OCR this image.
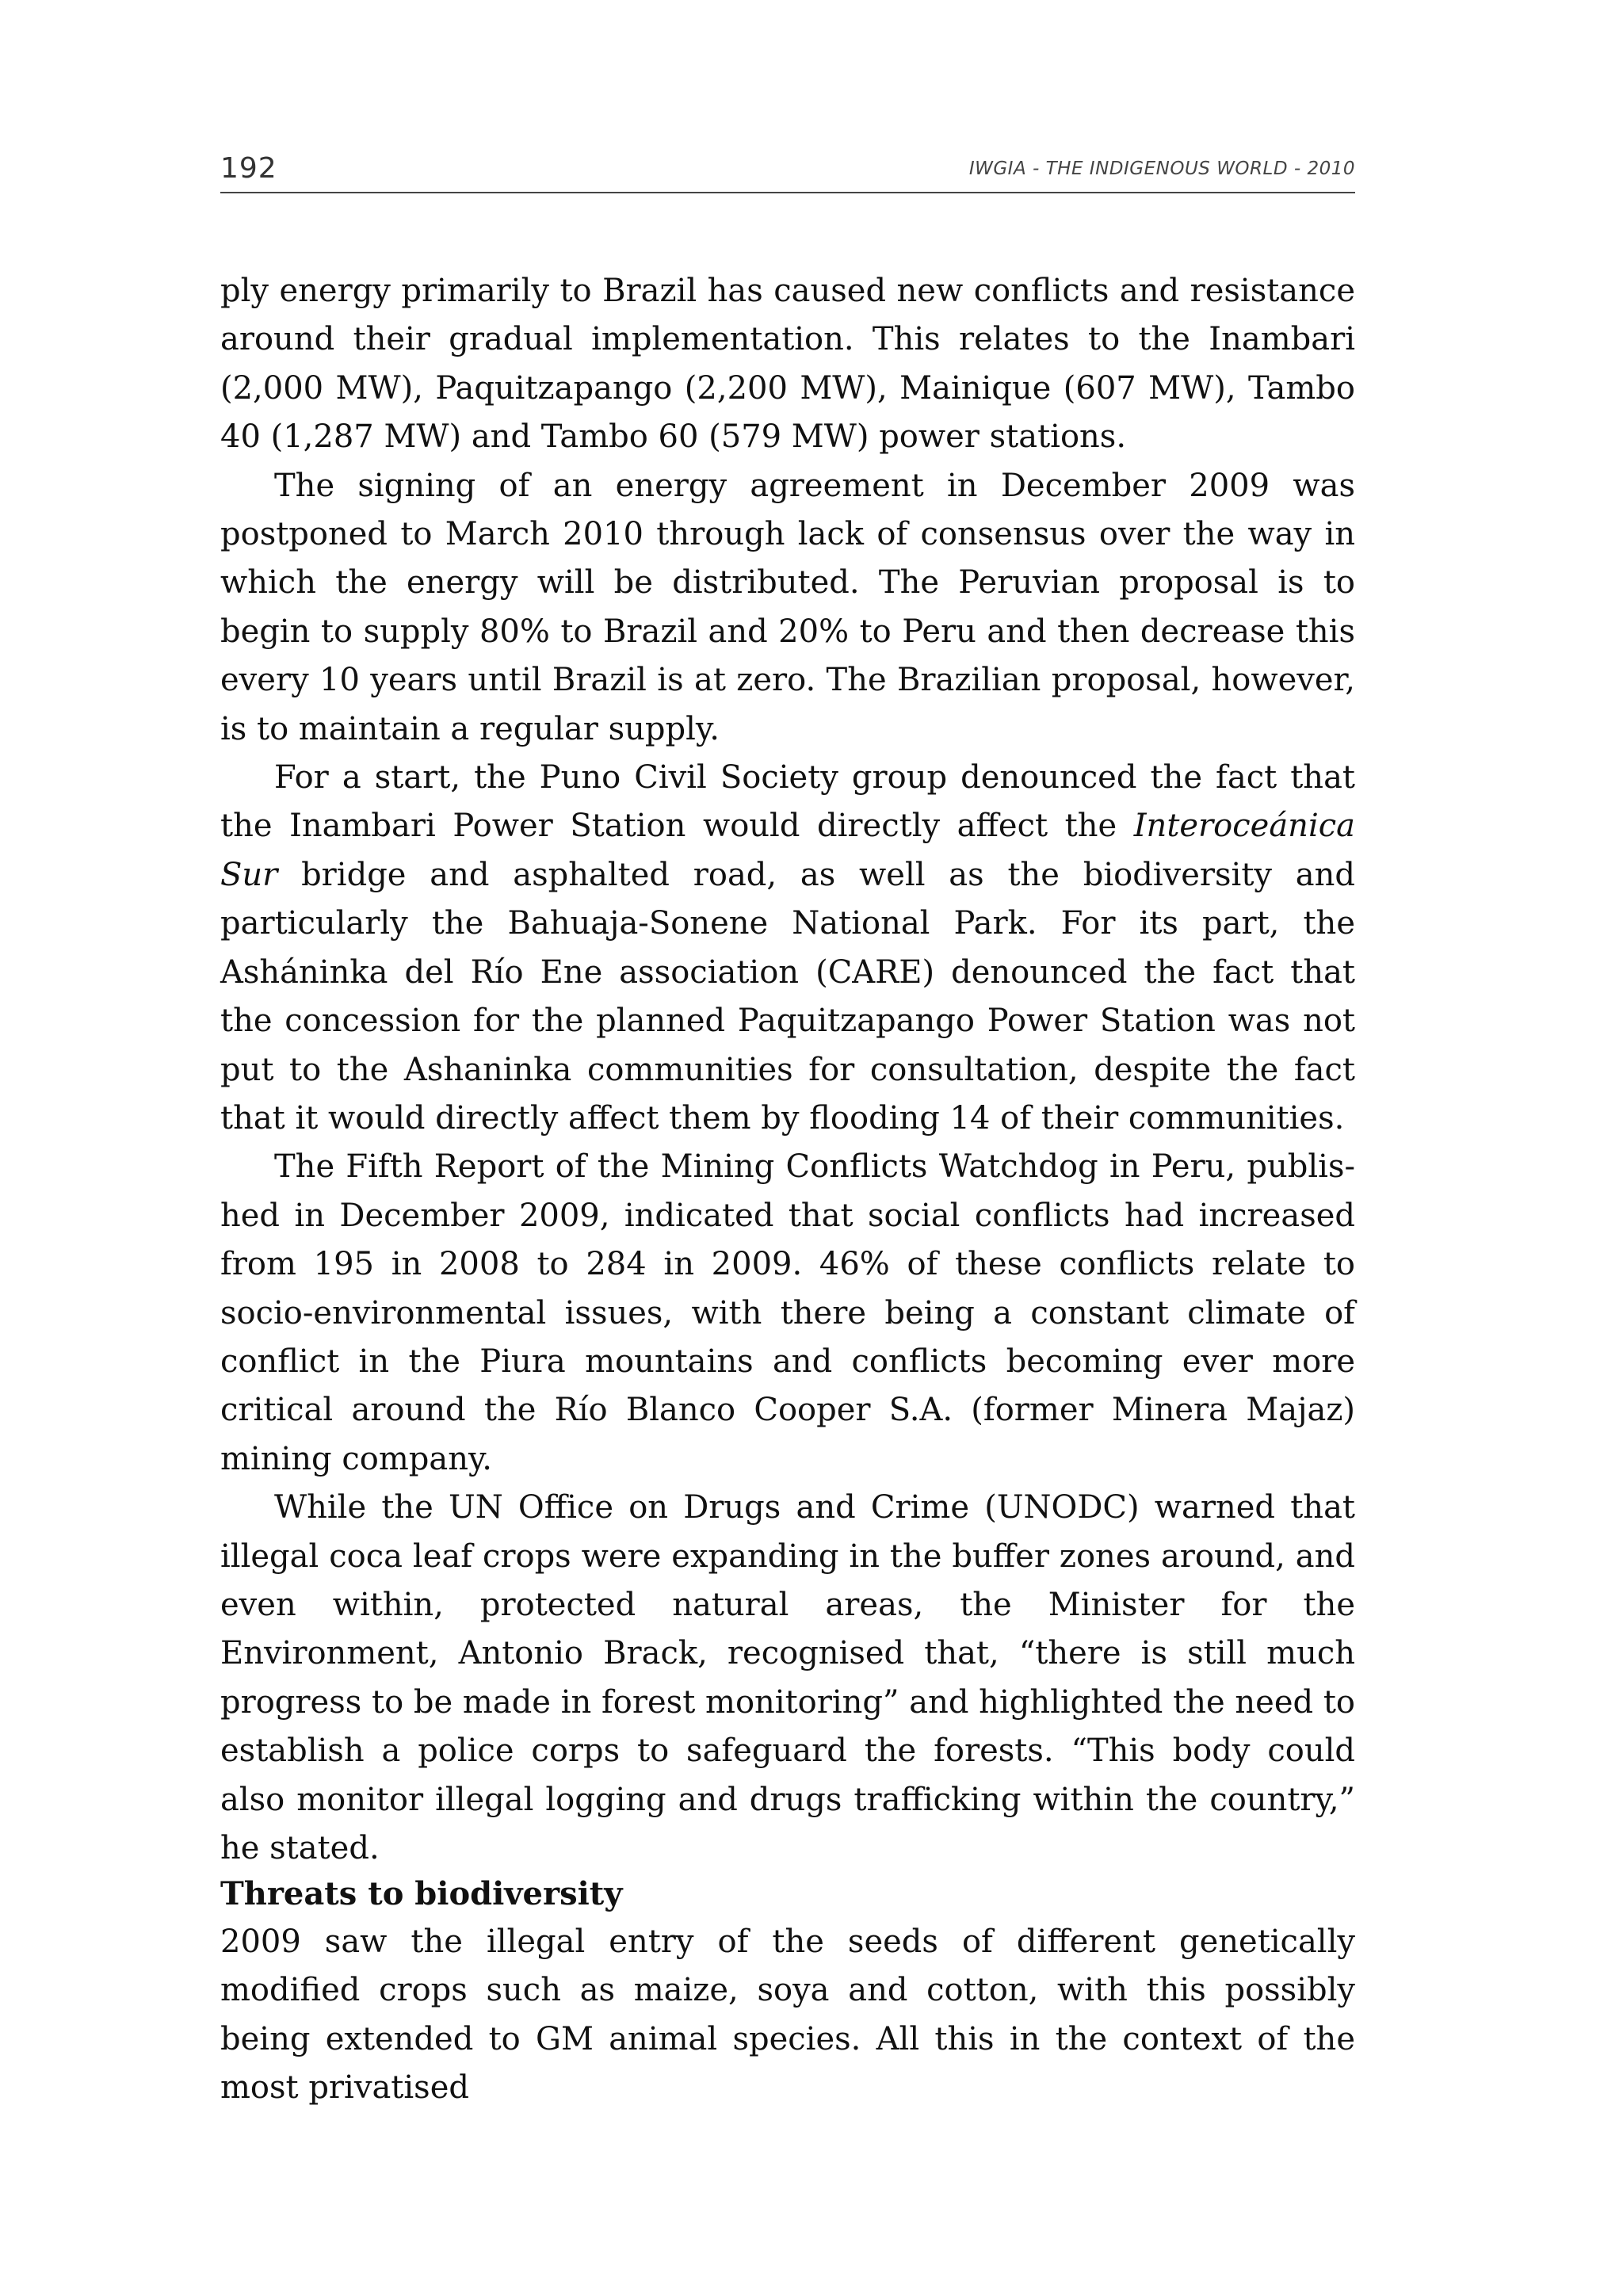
192	IWGIA - THE INDIGENOUS WORLD - 2010

ply energy primarily to Brazil has caused new conflicts and resistance around their gradual implementation. This relates to the Inambari (2,000 MW), Paquitzapango (2,200 MW), Mainique (607 MW), Tambo 40 (1,287 MW) and Tambo 60 (579 MW) power stations.

The signing of an energy agreement in December 2009 was postponed to March 2010 through lack of consensus over the way in which the energy will be distributed. The Peruvian proposal is to begin to supply 80% to Brazil and 20% to Peru and then decrease this every 10 years until Brazil is at zero. The Brazilian proposal, however, is to maintain a regular supply.

For a start, the Puno Civil Society group denounced the fact that the Inambari Power Station would directly affect the Interoceánica Sur bridge and asphalted road, as well as the biodiversity and particularly the Bahuaja-Sonene National Park. For its part, the Asháninka del Río Ene association (CARE) denounced the fact that the concession for the planned Paquitzapango Power Station was not put to the Ashaninka communities for consultation, despite the fact that it would directly affect them by flooding 14 of their communities.

The Fifth Report of the Mining Conflicts Watchdog in Peru, published in December 2009, indicated that social conflicts had increased from 195 in 2008 to 284 in 2009. 46% of these conflicts relate to socio-environmental issues, with there being a constant climate of conflict in the Piura mountains and conflicts becoming ever more critical around the Río Blanco Cooper S.A. (former Minera Majaz) mining company.

While the UN Office on Drugs and Crime (UNODC) warned that illegal coca leaf crops were expanding in the buffer zones around, and even within, protected natural areas, the Minister for the Environment, Antonio Brack, recognised that, “there is still much progress to be made in forest monitoring” and highlighted the need to establish a police corps to safeguard the forests. “This body could also monitor illegal logging and drugs trafficking within the country,” he stated.

Threats to biodiversity

2009 saw the illegal entry of the seeds of different genetically modified crops such as maize, soya and cotton, with this possibly being extended to GM animal species. All this in the context of the most privatised
